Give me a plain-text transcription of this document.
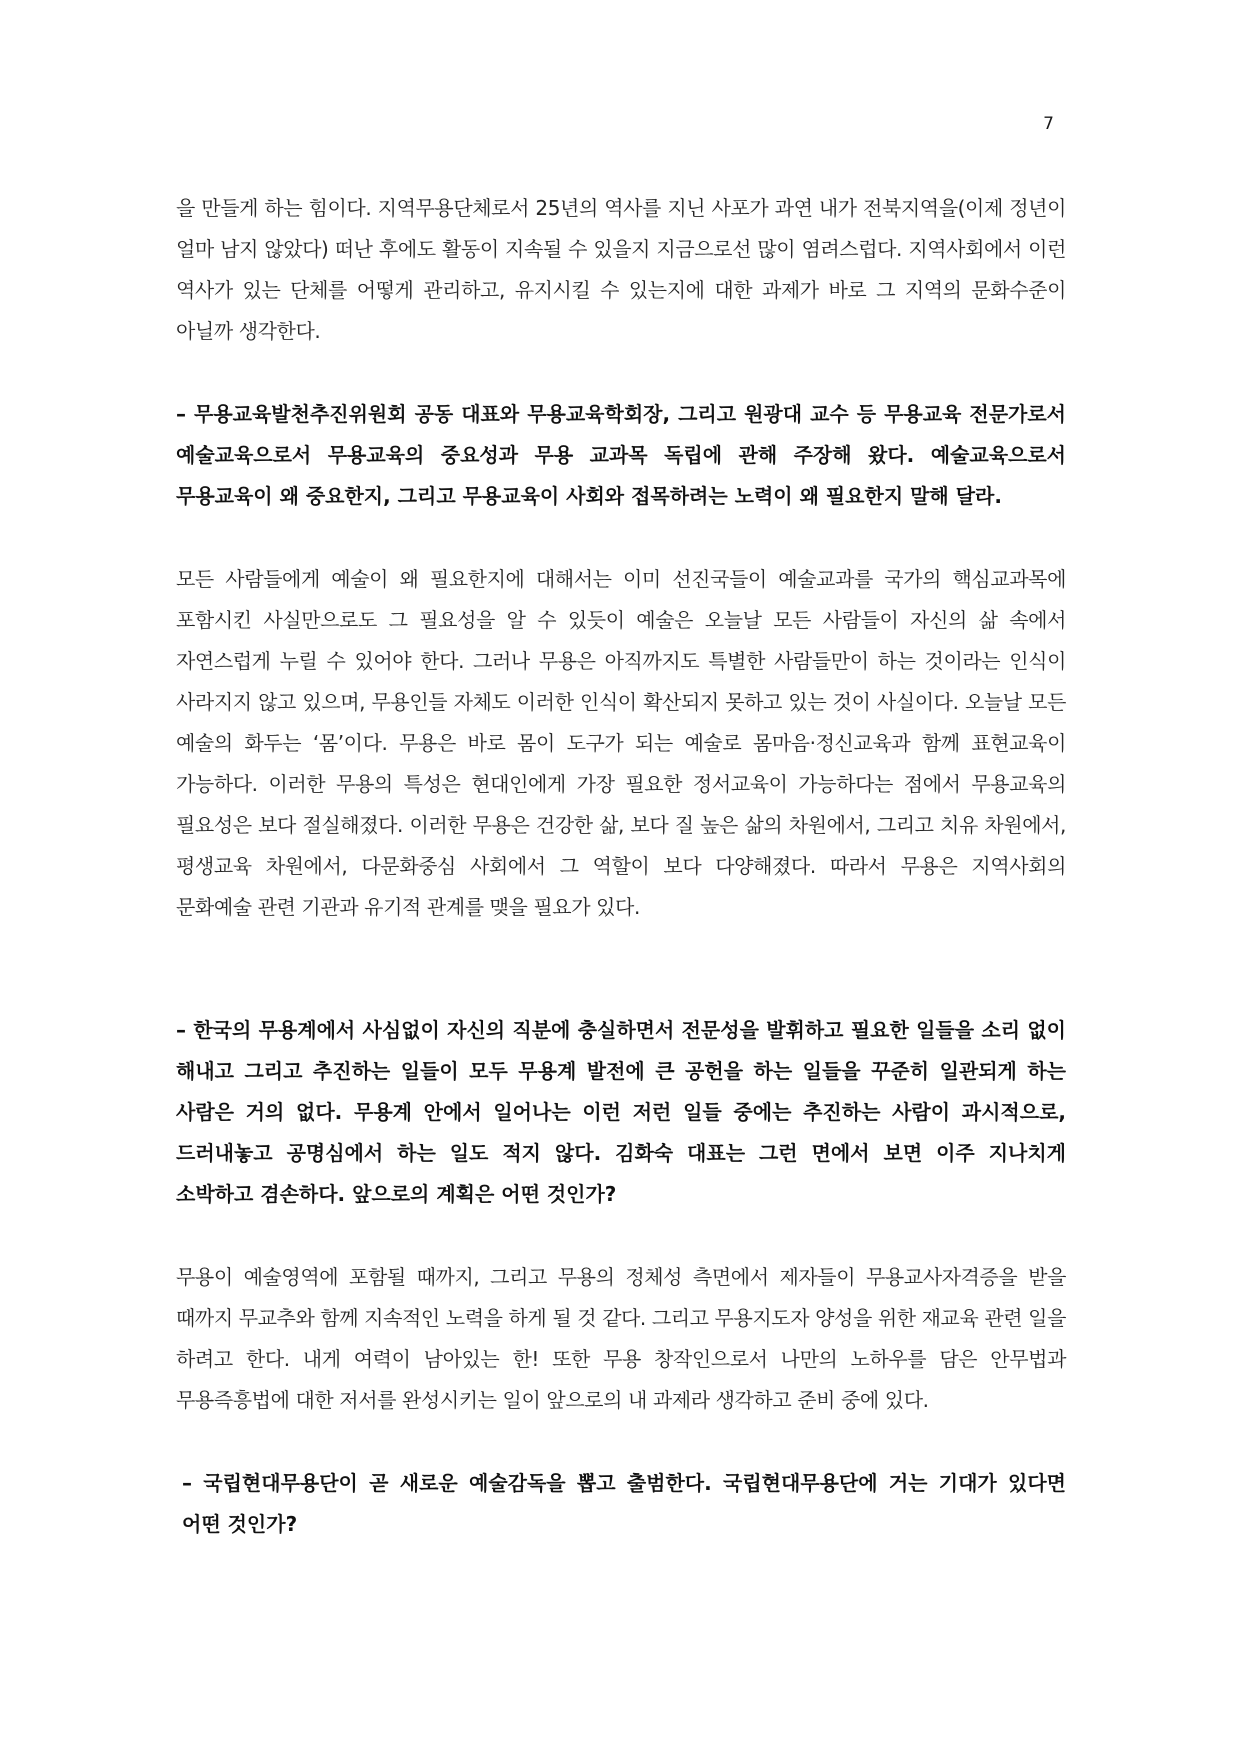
7

을 만들게 하는 힘이다. 지역무용단체로서 25년의 역사를 지닌 사포가 과연 내가 전북지역을(이제 정년이 얼마 남지 않았다) 떠난 후에도 활동이 지속될 수 있을지 지금으로선 많이 염려스럽다. 지역사회에서 이런 역사가 있는 단체를 어떻게 관리하고, 유지시킬 수 있는지에 대한 과제가 바로 그 지역의 문화수준이 아닐까 생각한다.

– 무용교육발천추진위원회 공동 대표와 무용교육학회장, 그리고 원광대 교수 등 무용교육 전문가로서 예술교육으로서 무용교육의 중요성과 무용 교과목 독립에 관해 주장해 왔다. 예술교육으로서 무용교육이 왜 중요한지, 그리고 무용교육이 사회와 접목하려는 노력이 왜 필요한지 말해 달라.

모든 사람들에게 예술이 왜 필요한지에 대해서는 이미 선진국들이 예술교과를 국가의 핵심교과목에 포함시킨 사실만으로도 그 필요성을 알 수 있듯이 예술은 오늘날 모든 사람들이 자신의 삶 속에서 자연스럽게 누릴 수 있어야 한다. 그러나 무용은 아직까지도 특별한 사람들만이 하는 것이라는 인식이 사라지지 않고 있으며, 무용인들 자체도 이러한 인식이 확산되지 못하고 있는 것이 사실이다. 오늘날 모든 예술의 화두는 ‘몸’이다. 무용은 바로 몸이 도구가 되는 예술로 몸마음·정신교육과 함께 표현교육이 가능하다. 이러한 무용의 특성은 현대인에게 가장 필요한 정서교육이 가능하다는 점에서 무용교육의 필요성은 보다 절실해졌다. 이러한 무용은 건강한 삶, 보다 질 높은 삶의 차원에서, 그리고 치유 차원에서, 평생교육 차원에서, 다문화중심 사회에서 그 역할이 보다 다양해졌다. 따라서 무용은 지역사회의 문화예술 관련 기관과 유기적 관계를 맺을 필요가 있다.

– 한국의 무용계에서 사심없이 자신의 직분에 충실하면서 전문성을 발휘하고 필요한 일들을 소리 없이 해내고 그리고 추진하는 일들이 모두 무용계 발전에 큰 공헌을 하는 일들을 꾸준히 일관되게 하는 사람은 거의 없다. 무용계 안에서 일어나는 이런 저런 일들 중에는 추진하는 사람이 과시적으로, 드러내놓고 공명심에서 하는 일도 적지 않다. 김화숙 대표는 그런 면에서 보면 이주 지나치게 소박하고 겸손하다. 앞으로의 계획은 어떤 것인가?

무용이 예술영역에 포함될 때까지, 그리고 무용의 정체성 측면에서 제자들이 무용교사자격증을 받을 때까지 무교추와 함께 지속적인 노력을 하게 될 것 같다. 그리고 무용지도자 양성을 위한 재교육 관련 일을 하려고 한다. 내게 여력이 남아있는 한! 또한 무용 창작인으로서 나만의 노하우를 담은 안무법과 무용즉흥법에 대한 저서를 완성시키는 일이 앞으로의 내 과제라 생각하고 준비 중에 있다.

– 국립현대무용단이 곧 새로운 예술감독을 뽑고 출범한다. 국립현대무용단에 거는 기대가 있다면 어떤 것인가?
